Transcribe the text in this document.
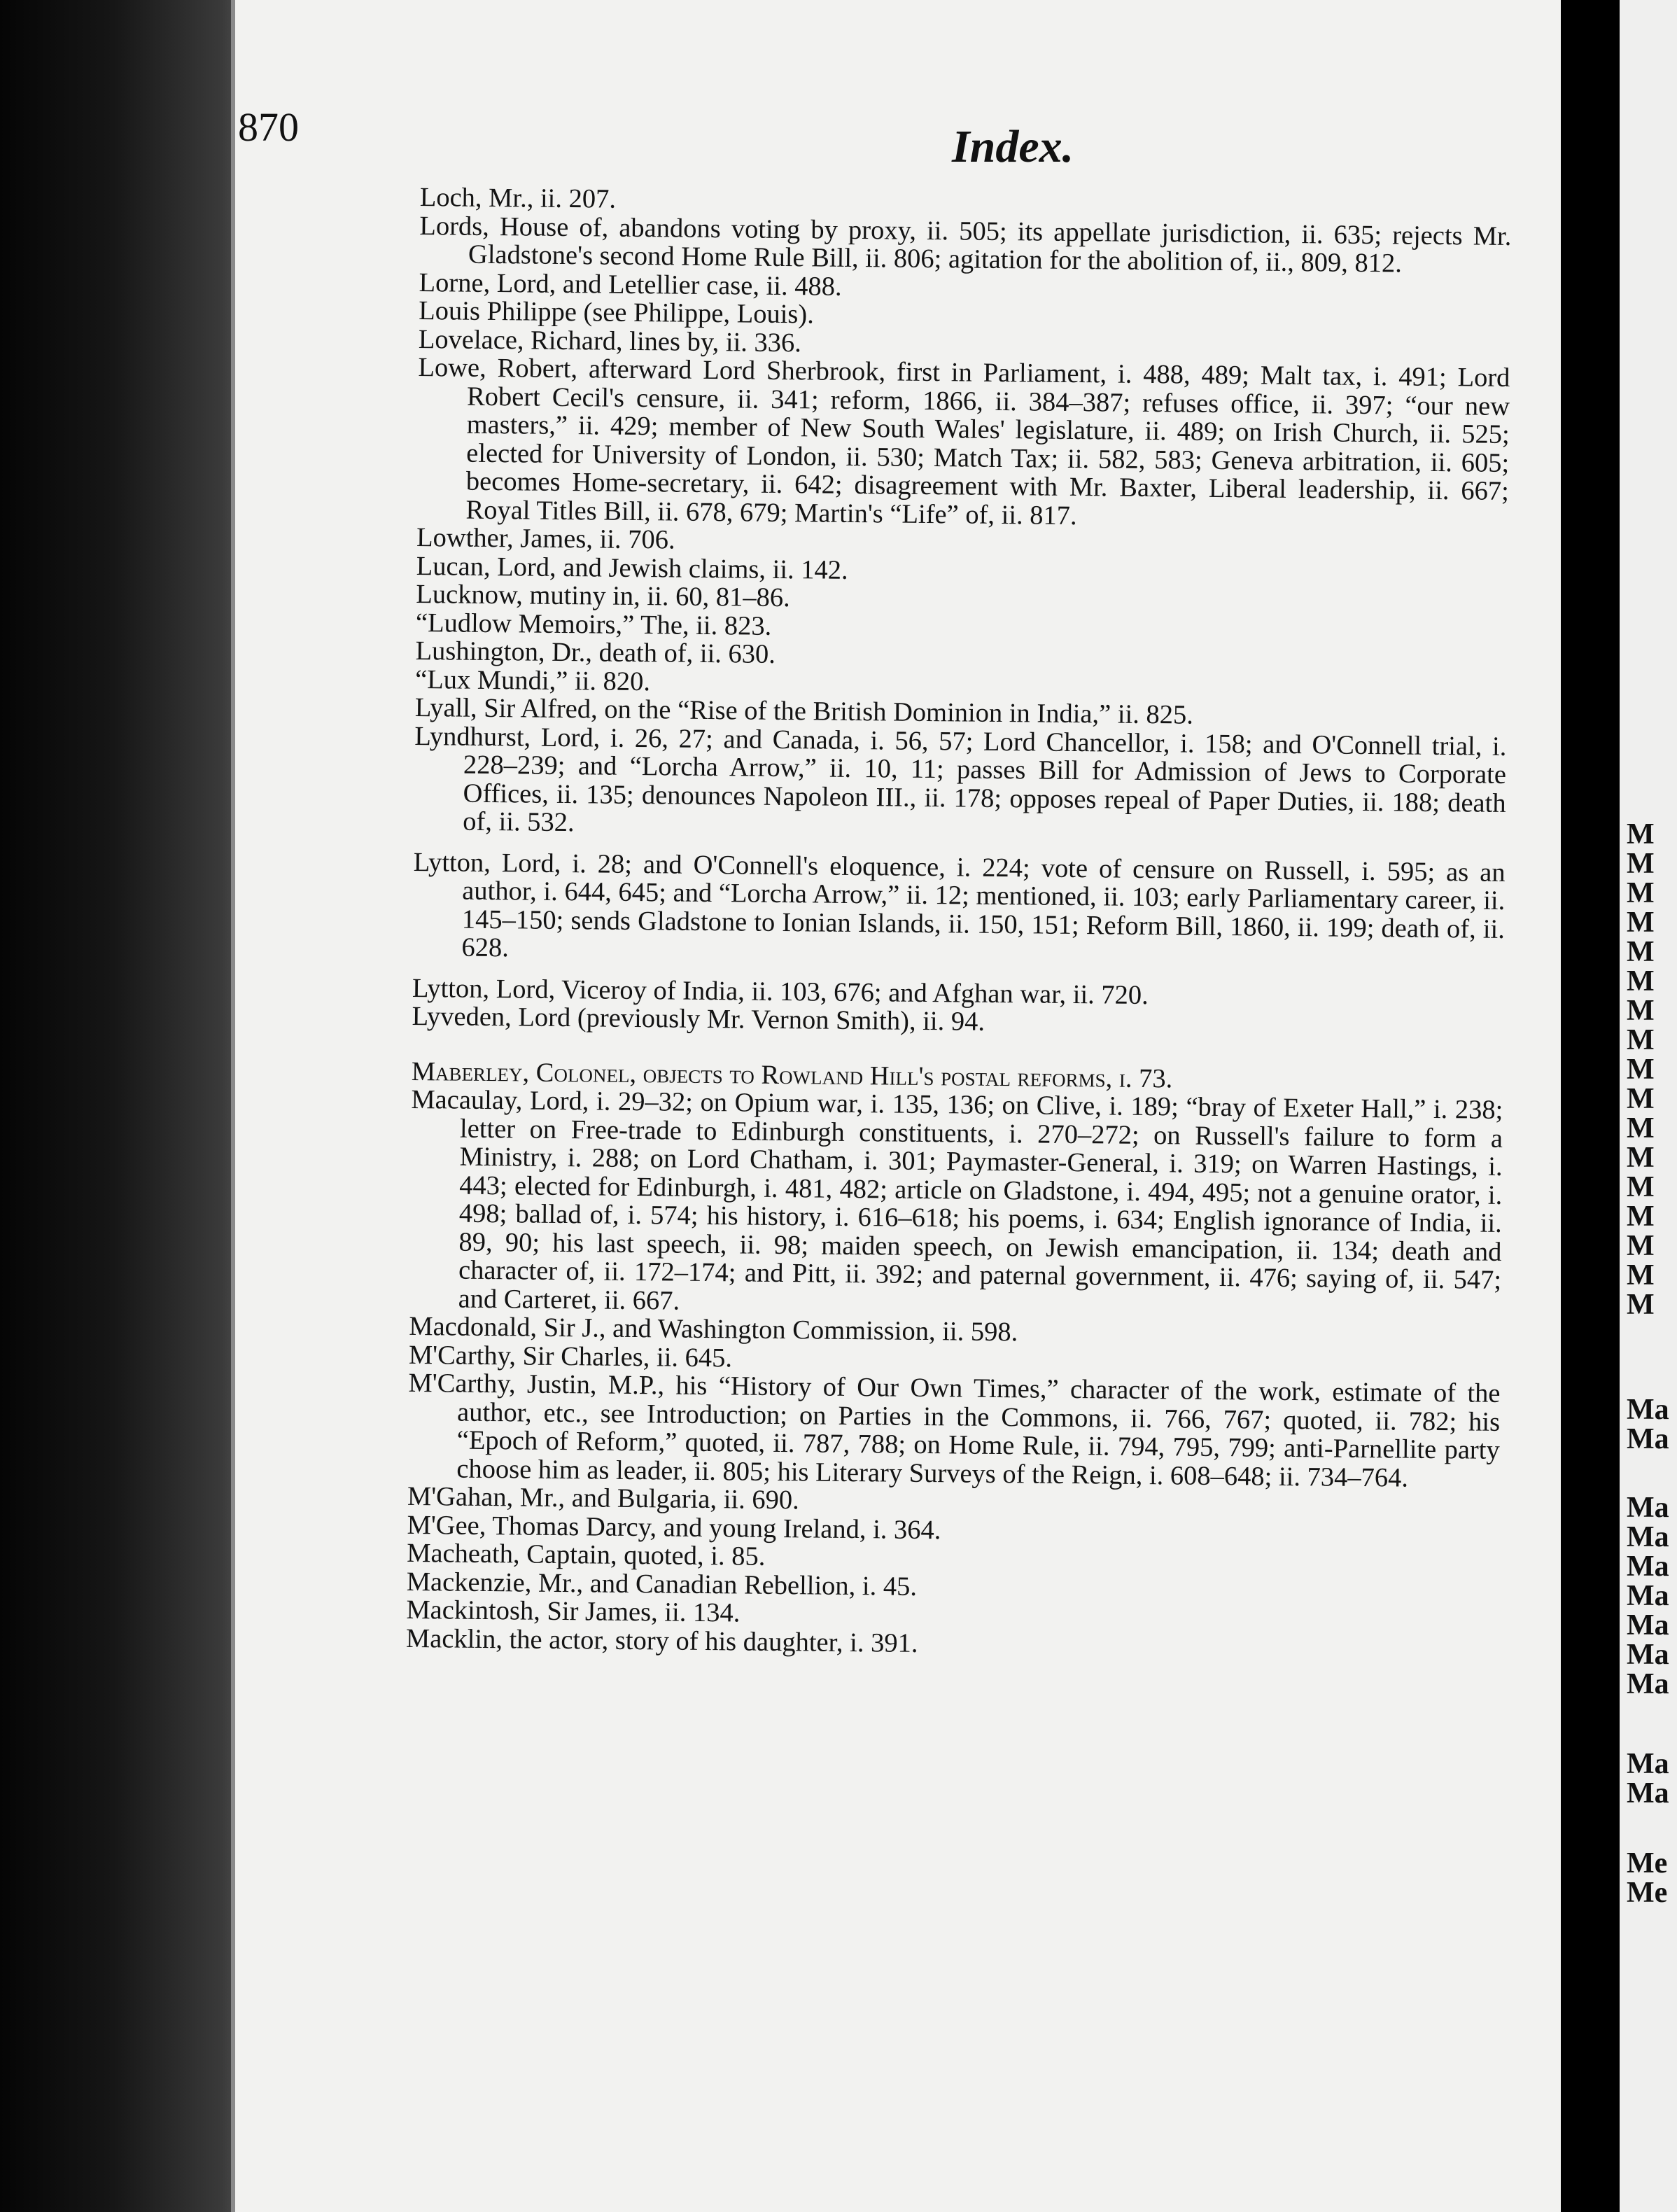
870	Index.
Loch, Mr., ii. 207.
Lords, House of, abandons voting by proxy, ii. 505; its appellate jurisdiction, ii. 635; rejects Mr. Gladstone's second Home Rule Bill, ii. 806; agitation for the abolition of, ii., 809, 812.
Lorne, Lord, and Letellier case, ii. 488.
Louis Philippe (see Philippe, Louis).
Lovelace, Richard, lines by, ii. 336.
Lowe, Robert, afterward Lord Sherbrook, first in Parliament, i. 488, 489; Malt tax, i. 491; Lord Robert Cecil's censure, ii. 341; reform, 1866, ii. 384–387; refuses office, ii. 397; “our new masters,” ii. 429; member of New South Wales' legislature, ii. 489; on Irish Church, ii. 525; elected for University of London, ii. 530; Match Tax; ii. 582, 583; Geneva arbitration, ii. 605; becomes Home-secretary, ii. 642; disagreement with Mr. Baxter, Liberal leadership, ii. 667; Royal Titles Bill, ii. 678, 679; Martin's “Life” of, ii. 817.
Lowther, James, ii. 706.
Lucan, Lord, and Jewish claims, ii. 142.
Lucknow, mutiny in, ii. 60, 81–86.
“Ludlow Memoirs,” The, ii. 823.
Lushington, Dr., death of, ii. 630.
“Lux Mundi,” ii. 820.
Lyall, Sir Alfred, on the “Rise of the British Dominion in India,” ii. 825.
Lyndhurst, Lord, i. 26, 27; and Canada, i. 56, 57; Lord Chancellor, i. 158; and O'Connell trial, i. 228–239; and “Lorcha Arrow,” ii. 10, 11; passes Bill for Admission of Jews to Corporate Offices, ii. 135; denounces Napoleon III., ii. 178; opposes repeal of Paper Duties, ii. 188; death of, ii. 532.
Lytton, Lord, i. 28; and O'Connell's eloquence, i. 224; vote of censure on Russell, i. 595; as an author, i. 644, 645; and “Lorcha Arrow,” ii. 12; mentioned, ii. 103; early Parliamentary career, ii. 145–150; sends Gladstone to Ionian Islands, ii. 150, 151; Reform Bill, 1860, ii. 199; death of, ii. 628.
Lytton, Lord, Viceroy of India, ii. 103, 676; and Afghan war, ii. 720.
Lyveden, Lord (previously Mr. Vernon Smith), ii. 94.
Maberley, Colonel, objects to Rowland Hill's postal reforms, i. 73.
Macaulay, Lord, i. 29–32; on Opium war, i. 135, 136; on Clive, i. 189; “bray of Exeter Hall,” i. 238; letter on Free-trade to Edinburgh constituents, i. 270–272; on Russell's failure to form a Ministry, i. 288; on Lord Chatham, i. 301; Paymaster-General, i. 319; on Warren Hastings, i. 443; elected for Edinburgh, i. 481, 482; article on Gladstone, i. 494, 495; not a genuine orator, i. 498; ballad of, i. 574; his history, i. 616–618; his poems, i. 634; English ignorance of India, ii. 89, 90; his last speech, ii. 98; maiden speech, on Jewish emancipation, ii. 134; death and character of, ii. 172–174; and Pitt, ii. 392; and paternal government, ii. 476; saying of, ii. 547; and Carteret, ii. 667.
Macdonald, Sir J., and Washington Commission, ii. 598.
M'Carthy, Sir Charles, ii. 645.
M'Carthy, Justin, M.P., his “History of Our Own Times,” character of the work, estimate of the author, etc., see Introduction; on Parties in the Commons, ii. 766, 767; quoted, ii. 782; his “Epoch of Reform,” quoted, ii. 787, 788; on Home Rule, ii. 794, 795, 799; anti-Parnellite party choose him as leader, ii. 805; his Literary Surveys of the Reign, i. 608–648; ii. 734–764.
M'Gahan, Mr., and Bulgaria, ii. 690.
M'Gee, Thomas Darcy, and young Ireland, i. 364.
Macheath, Captain, quoted, i. 85.
Mackenzie, Mr., and Canadian Rebellion, i. 45.
Mackintosh, Sir James, ii. 134.
Macklin, the actor, story of his daughter, i. 391.
M
M
M
M
M
M
M
M
M
M
M
M
M
M
M
M
M
Ma
Ma
Ma
Ma
Ma
Ma
Ma
Ma
Ma
Ma
Ma
Me
Me
